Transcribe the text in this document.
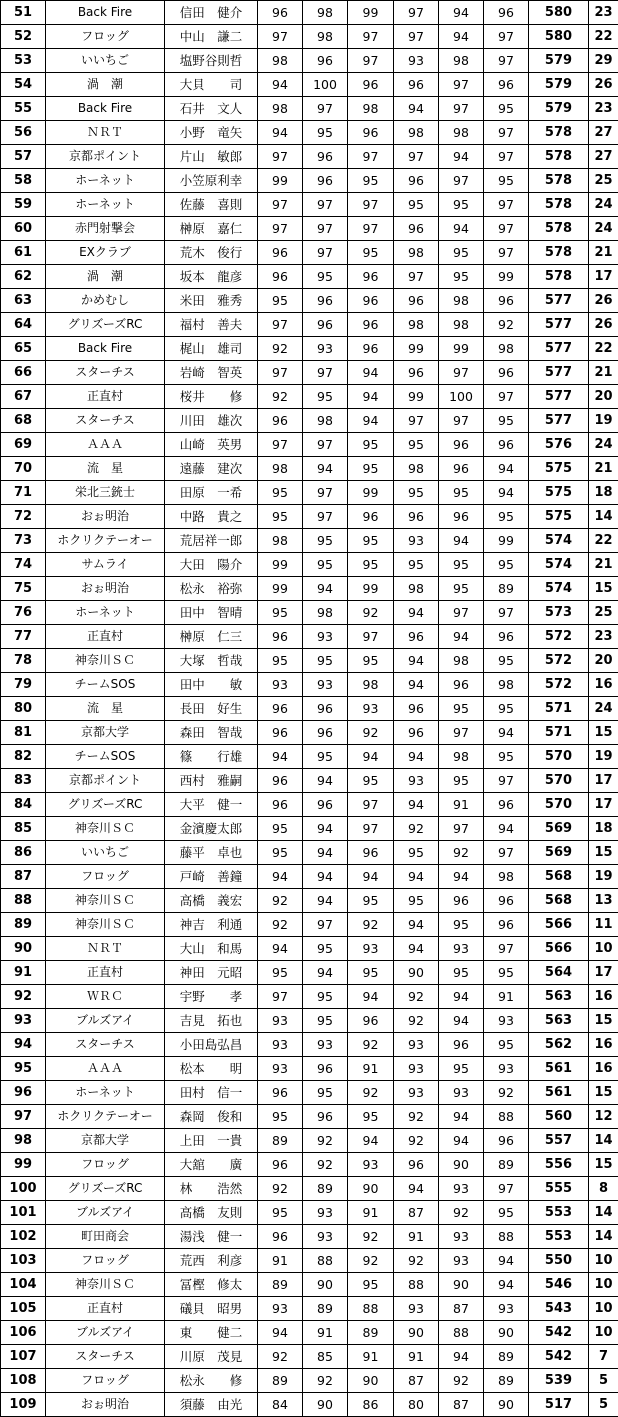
51	Back Fire	信田　健介	96	98	99	97	94	96	580	23
52	フロッグ	中山　謙二	97	98	97	97	94	97	580	22
53	いいちご	塩野谷則哲	98	96	97	93	98	97	579	29
54	渦　潮	大貝　　司	94	100	96	96	97	96	579	26
55	Back Fire	石井　文人	98	97	98	94	97	95	579	23
56	ＮＲＴ	小野　竜矢	94	95	96	98	98	97	578	27
57	京都ポイント	片山　敏郎	97	96	97	97	94	97	578	27
58	ホーネット	小笠原利幸	99	96	95	96	97	95	578	25
59	ホーネット	佐藤　喜則	97	97	97	95	95	97	578	24
60	赤門射撃会	榊原　嘉仁	97	97	97	96	94	97	578	24
61	EXクラブ	荒木　俊行	96	97	95	98	95	97	578	21
62	渦　潮	坂本　龍彦	96	95	96	97	95	99	578	17
63	かめむし	米田　雅秀	95	96	96	96	98	96	577	26
64	グリズーズRC	福村　善夫	97	96	96	98	98	92	577	26
65	Back Fire	梶山　雄司	92	93	96	99	99	98	577	22
66	スターチス	岩崎　智英	97	97	94	96	97	96	577	21
67	正直村	桜井　　修	92	95	94	99	100	97	577	20
68	スターチス	川田　雄次	96	98	94	97	97	95	577	19
69	ＡＡＡ	山崎　英男	97	97	95	95	96	96	576	24
70	流　星	遠藤　建次	98	94	95	98	96	94	575	21
71	栄北三銃士	田原　一希	95	97	99	95	95	94	575	18
72	おぉ明治	中路　貴之	95	97	96	96	96	95	575	14
73	ホクリクテーオー	荒居祥一郎	98	95	95	93	94	99	574	22
74	サムライ	大田　陽介	99	95	95	95	95	95	574	21
75	おぉ明治	松永　裕弥	99	94	99	98	95	89	574	15
76	ホーネット	田中　智晴	95	98	92	94	97	97	573	25
77	正直村	榊原　仁三	96	93	97	96	94	96	572	23
78	神奈川ＳＣ	大塚　哲哉	95	95	95	94	98	95	572	20
79	チームSOS	田中　　敏	93	93	98	94	96	98	572	16
80	流　星	長田　好生	96	96	93	96	95	95	571	24
81	京都大学	森田　智哉	96	96	92	96	97	94	571	15
82	チームSOS	篠　　行雄	94	95	94	94	98	95	570	19
83	京都ポイント	西村　雅嗣	96	94	95	93	95	97	570	17
84	グリズーズRC	大平　健一	96	96	97	94	91	96	570	17
85	神奈川ＳＣ	金濱慶太郎	95	94	97	92	97	94	569	18
86	いいちご	藤平　卓也	95	94	96	95	92	97	569	15
87	フロッグ	戸崎　善鐘	94	94	94	94	94	98	568	19
88	神奈川ＳＣ	高橋　義宏	92	94	95	95	96	96	568	13
89	神奈川ＳＣ	神吉　利通	92	97	92	94	95	96	566	11
90	ＮＲＴ	大山　和馬	94	95	93	94	93	97	566	10
91	正直村	神田　元昭	95	94	95	90	95	95	564	17
92	ＷＲＣ	宇野　　孝	97	95	94	92	94	91	563	16
93	ブルズアイ	吉見　拓也	93	95	96	92	94	93	563	15
94	スターチス	小田島弘昌	93	93	92	93	96	95	562	16
95	ＡＡＡ	松本　　明	93	96	91	93	95	93	561	16
96	ホーネット	田村　信一	96	95	92	93	93	92	561	15
97	ホクリクテーオー	森岡　俊和	95	96	95	92	94	88	560	12
98	京都大学	上田　一貴	89	92	94	92	94	96	557	14
99	フロッグ	大舘　　廣	96	92	93	96	90	89	556	15
100	グリズーズRC	林　　浩然	92	89	90	94	93	97	555	8
101	ブルズアイ	高橋　友則	95	93	91	87	92	95	553	14
102	町田商会	湯浅　健一	96	93	92	91	93	88	553	14
103	フロッグ	荒西　利彦	91	88	92	92	93	94	550	10
104	神奈川ＳＣ	冨樫　修太	89	90	95	88	90	94	546	10
105	正直村	礒貝　昭男	93	89	88	93	87	93	543	10
106	ブルズアイ	東　　健二	94	91	89	90	88	90	542	10
107	スターチス	川原　茂見	92	85	91	91	94	89	542	7
108	フロッグ	松永　　修	89	92	90	87	92	89	539	5
109	おぉ明治	須藤　由光	84	90	86	80	87	90	517	5
